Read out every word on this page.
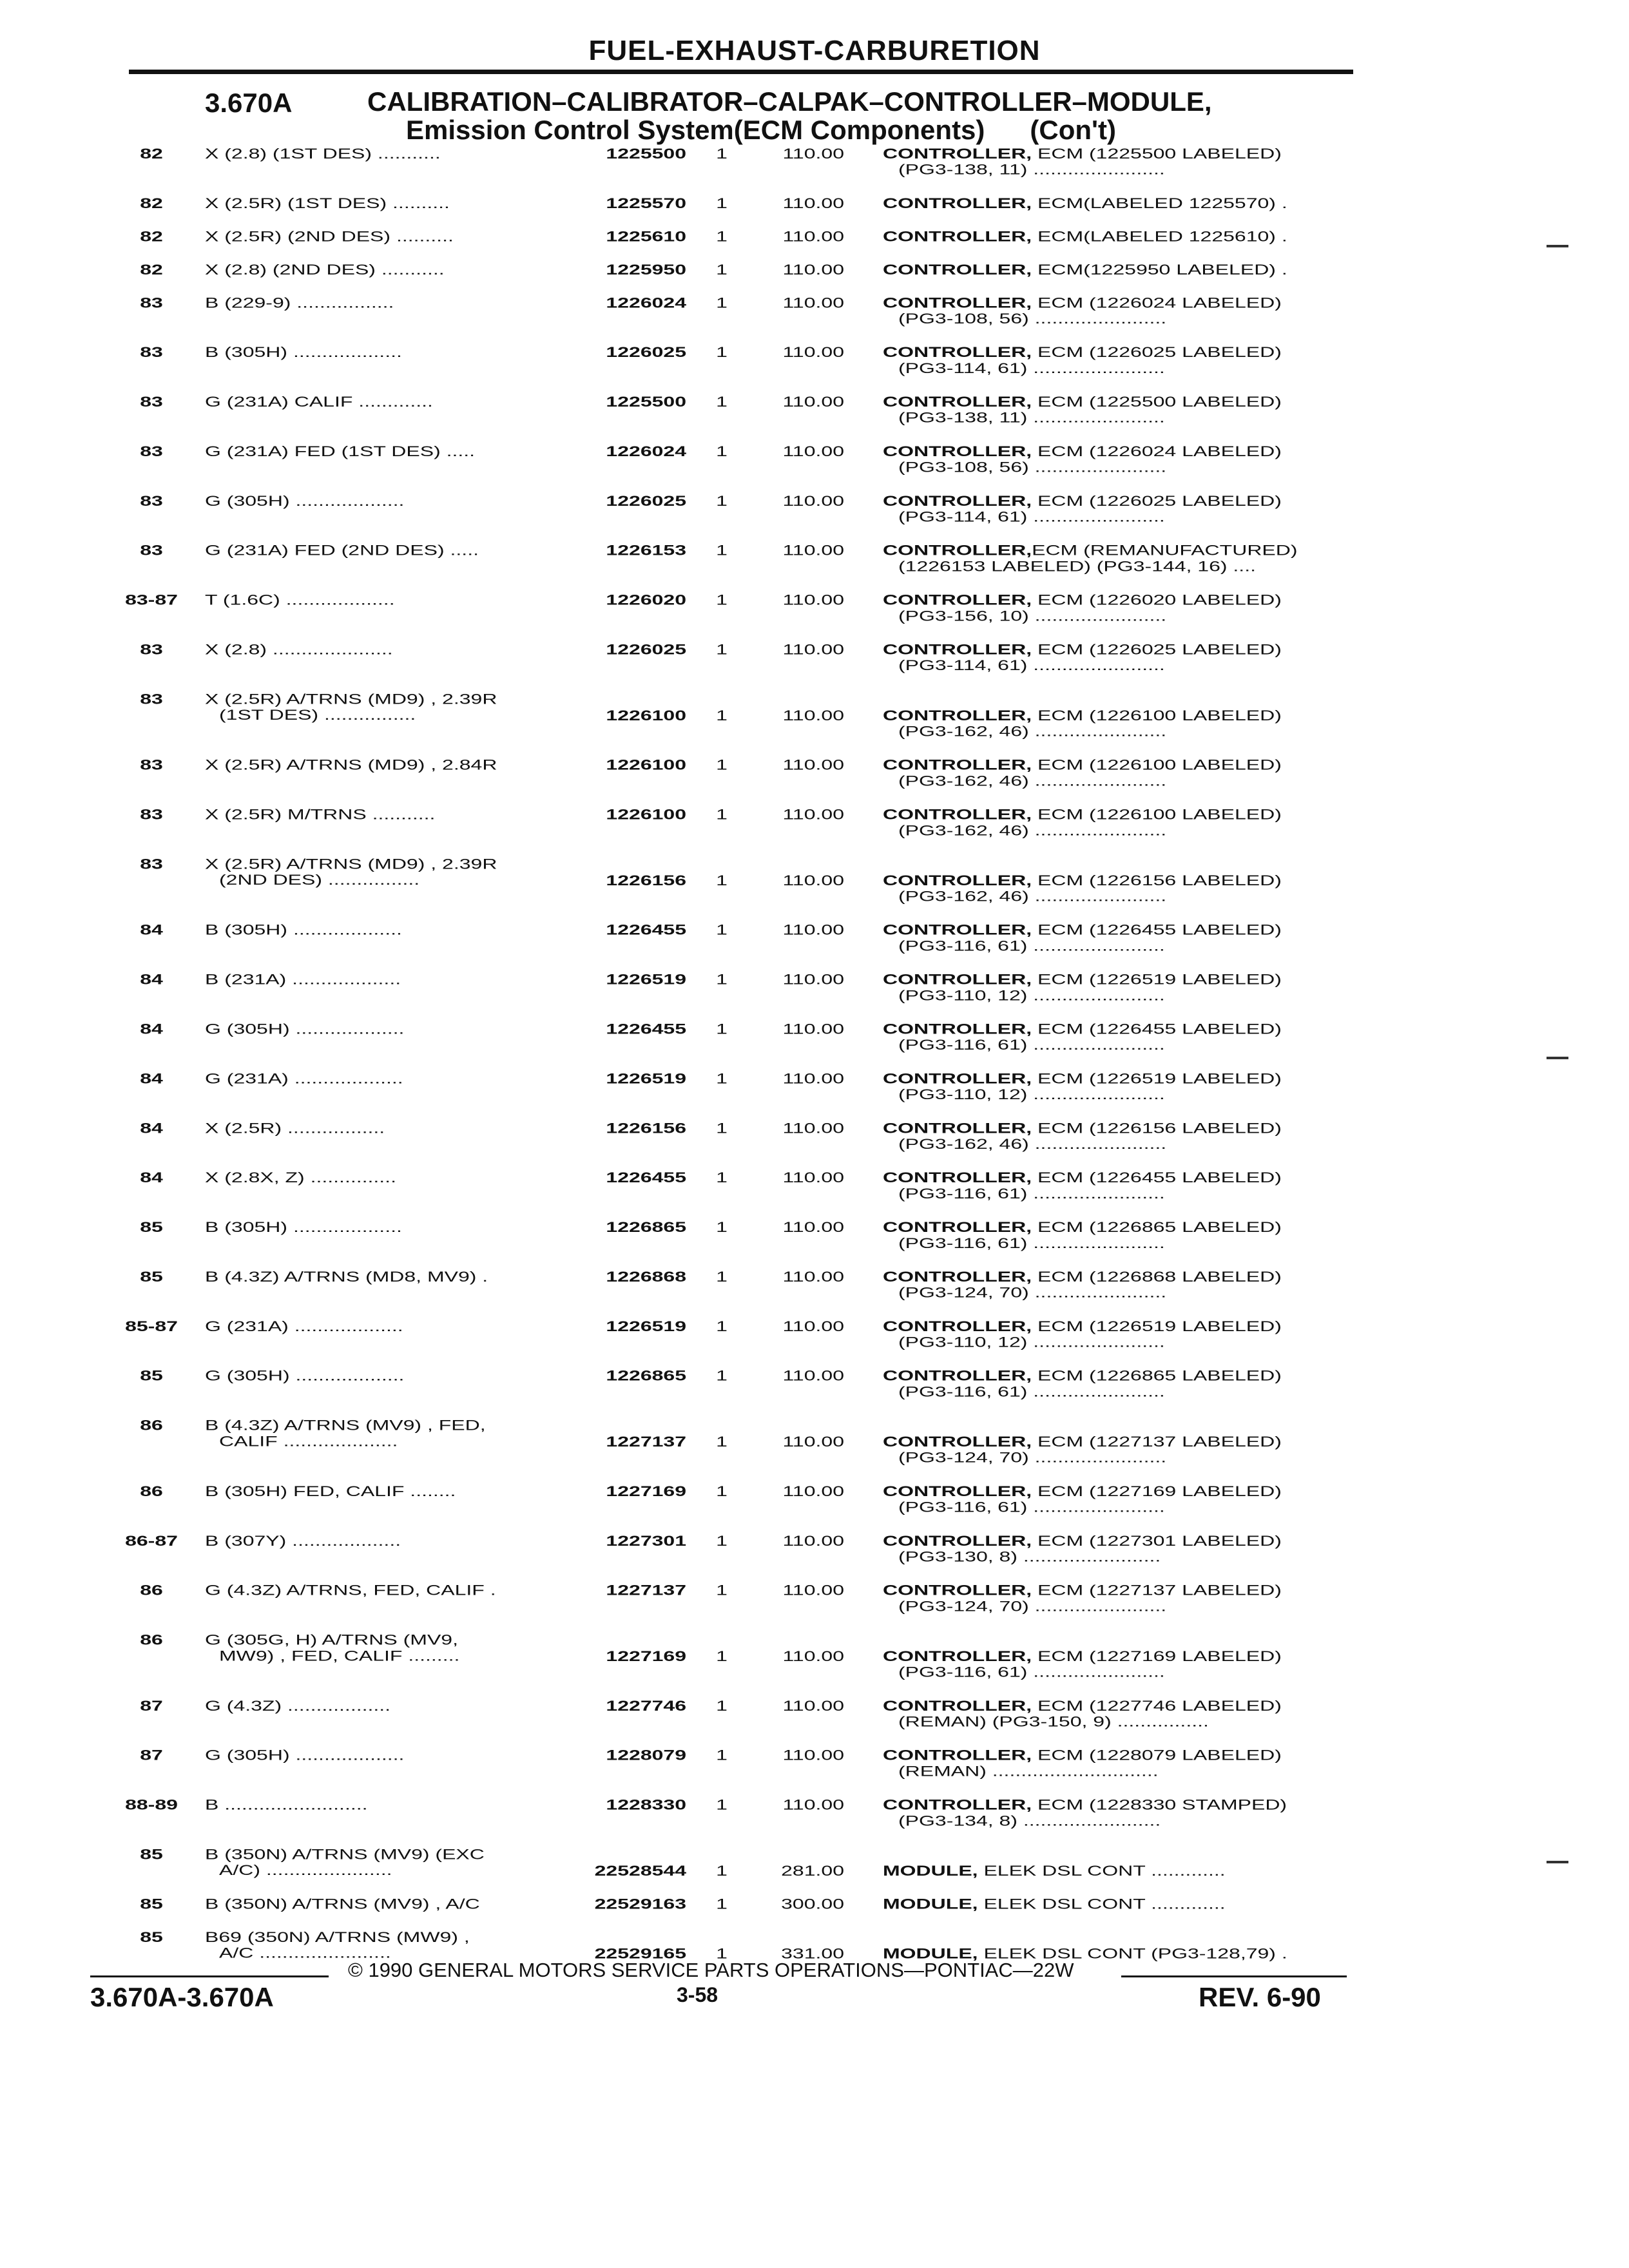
FUEL-EXHAUST-CARBURETION
3.670A	CALIBRATION–CALIBRATOR–CALPAK–CONTROLLER–MODULE,
Emission Control System(ECM Components) (Con't)
82	X (2.8) (1ST DES) ...........	1225500	1	110.00 CONTROLLER, ECM (1225500 LABELED)
(PG3-138, 11) .......................
82	X (2.5R) (1ST DES) ..........	1225570	1	110.00 CONTROLLER, ECM(LABELED 1225570) .
82	X (2.5R) (2ND DES) ..........	1225610	1	110.00 CONTROLLER, ECM(LABELED 1225610) .
82	X (2.8) (2ND DES) ...........	1225950	1	110.00 CONTROLLER, ECM(1225950 LABELED) .
83	B (229-9) .................	1226024	1	110.00 CONTROLLER, ECM (1226024 LABELED)
(PG3-108, 56) .......................
83	B (305H) ...................	1226025	1	110.00 CONTROLLER, ECM (1226025 LABELED)
(PG3-114, 61) .......................
83	G (231A) CALIF .............	1225500	1	110.00 CONTROLLER, ECM (1225500 LABELED)
(PG3-138, 11) .......................
83	G (231A) FED (1ST DES) .....	1226024	1	110.00 CONTROLLER, ECM (1226024 LABELED)
(PG3-108, 56) .......................
83	G (305H) ...................	1226025	1	110.00 CONTROLLER, ECM (1226025 LABELED)
(PG3-114, 61) .......................
83	G (231A) FED (2ND DES) .....	1226153	1	110.00 CONTROLLER,ECM (REMANUFACTURED)
(1226153 LABELED) (PG3-144, 16) ....
83-87	T (1.6C) ...................	1226020	1	110.00 CONTROLLER, ECM (1226020 LABELED)
(PG3-156, 10) .......................
83	X (2.8) .....................	1226025	1	110.00 CONTROLLER, ECM (1226025 LABELED)
(PG3-114, 61) .......................
83	X (2.5R) A/TRNS (MD9) , 2.39R
(1ST DES) ................	1226100	1	110.00 CONTROLLER, ECM (1226100 LABELED)
(PG3-162, 46) .......................
83	X (2.5R) A/TRNS (MD9) , 2.84R	1226100	1	110.00 CONTROLLER, ECM (1226100 LABELED)
(PG3-162, 46) .......................
83	X (2.5R) M/TRNS ...........	1226100	1	110.00 CONTROLLER, ECM (1226100 LABELED)
(PG3-162, 46) .......................
83	X (2.5R) A/TRNS (MD9) , 2.39R
(2ND DES) ................	1226156	1	110.00 CONTROLLER, ECM (1226156 LABELED)
(PG3-162, 46) .......................
84	B (305H) ...................	1226455	1	110.00 CONTROLLER, ECM (1226455 LABELED)
(PG3-116, 61) .......................
84	B (231A) ...................	1226519	1	110.00 CONTROLLER, ECM (1226519 LABELED)
(PG3-110, 12) .......................
84	G (305H) ...................	1226455	1	110.00 CONTROLLER, ECM (1226455 LABELED)
(PG3-116, 61) .......................
84	G (231A) ...................	1226519	1	110.00 CONTROLLER, ECM (1226519 LABELED)
(PG3-110, 12) .......................
84	X (2.5R) .................	1226156	1	110.00 CONTROLLER, ECM (1226156 LABELED)
(PG3-162, 46) .......................
84	X (2.8X, Z) ...............	1226455	1	110.00 CONTROLLER, ECM (1226455 LABELED)
(PG3-116, 61) .......................
85	B (305H) ...................	1226865	1	110.00 CONTROLLER, ECM (1226865 LABELED)
(PG3-116, 61) .......................
85	B (4.3Z) A/TRNS (MD8, MV9) .	1226868	1	110.00 CONTROLLER, ECM (1226868 LABELED)
(PG3-124, 70) .......................
85-87	G (231A) ...................	1226519	1	110.00 CONTROLLER, ECM (1226519 LABELED)
(PG3-110, 12) .......................
85	G (305H) ...................	1226865	1	110.00 CONTROLLER, ECM (1226865 LABELED)
(PG3-116, 61) .......................
86	B (4.3Z) A/TRNS (MV9) , FED,
CALIF ....................	1227137	1	110.00 CONTROLLER, ECM (1227137 LABELED)
(PG3-124, 70) .......................
86	B (305H) FED, CALIF ........	1227169	1	110.00 CONTROLLER, ECM (1227169 LABELED)
(PG3-116, 61) .......................
86-87	B (307Y) ...................	1227301	1	110.00 CONTROLLER, ECM (1227301 LABELED)
(PG3-130, 8) ........................
86	G (4.3Z) A/TRNS, FED, CALIF .	1227137	1	110.00 CONTROLLER, ECM (1227137 LABELED)
(PG3-124, 70) .......................
86	G (305G, H) A/TRNS (MV9,
MW9) , FED, CALIF .........	1227169	1	110.00 CONTROLLER, ECM (1227169 LABELED)
(PG3-116, 61) .......................
87	G (4.3Z) ..................	1227746	1	110.00 CONTROLLER, ECM (1227746 LABELED)
(REMAN) (PG3-150, 9) ................
87	G (305H) ...................	1228079	1	110.00 CONTROLLER, ECM (1228079 LABELED)
(REMAN) .............................
88-89	B .........................	1228330	1	110.00 CONTROLLER, ECM (1228330 STAMPED)
(PG3-134, 8) ........................
85	B (350N) A/TRNS (MV9) (EXC
A/C) ......................	22528544	1	281.00 MODULE, ELEK DSL CONT .............
85	B (350N) A/TRNS (MV9) , A/C	22529163	1	300.00 MODULE, ELEK DSL CONT .............
85	B69 (350N) A/TRNS (MW9) ,
A/C .......................	22529165	1	331.00 MODULE, ELEK DSL CONT (PG3-128,79) .
© 1990 GENERAL MOTORS SERVICE PARTS OPERATIONS—PONTIAC—22W
3.670A-3.670A	3-58	REV. 6-90
